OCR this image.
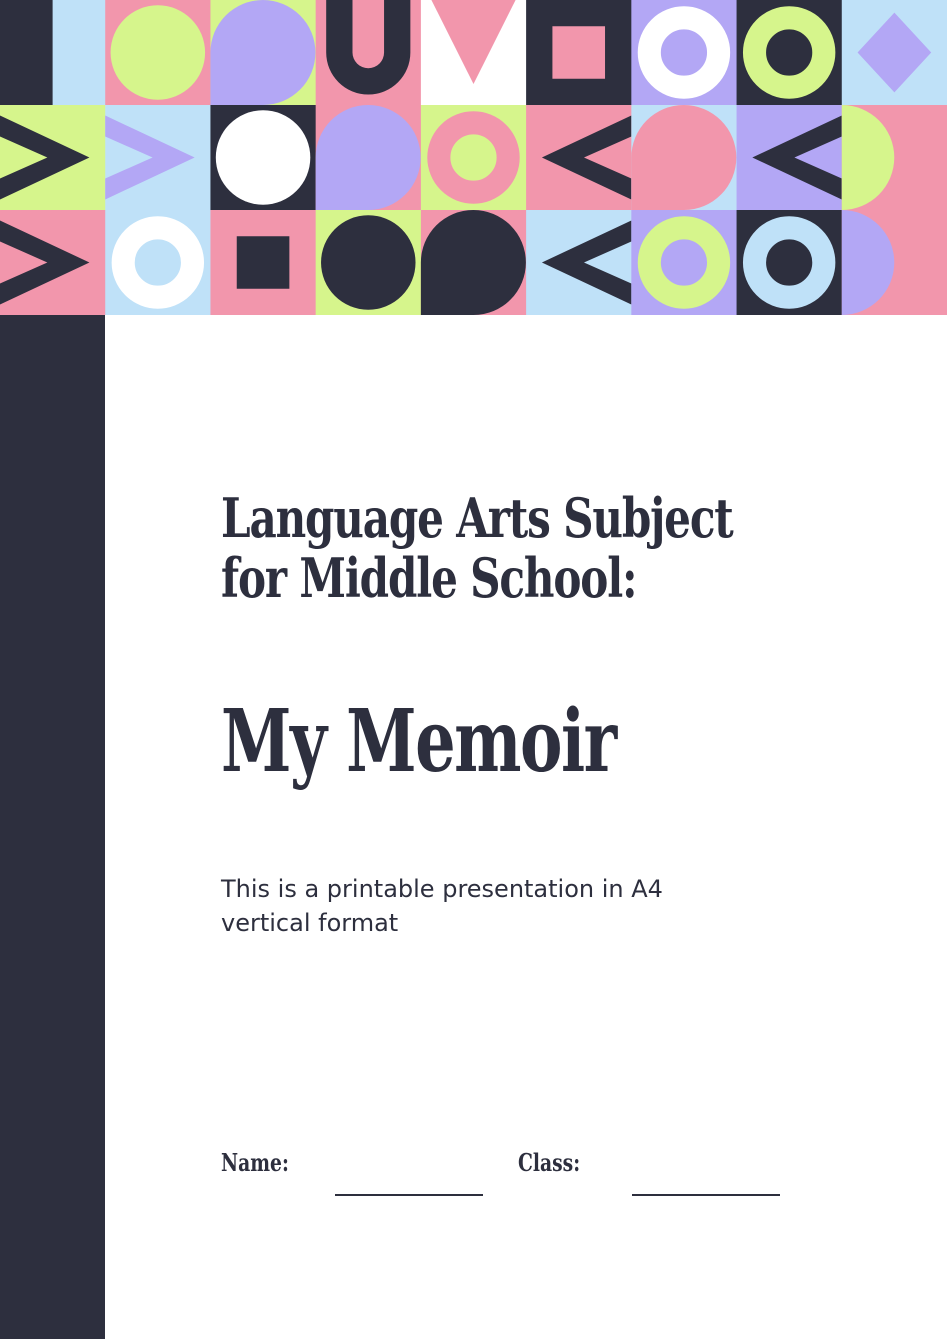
Language Arts Subject
for Middle School:
My Memoir

This is a printable presentation in A4 vertical format

Name:	Class:
